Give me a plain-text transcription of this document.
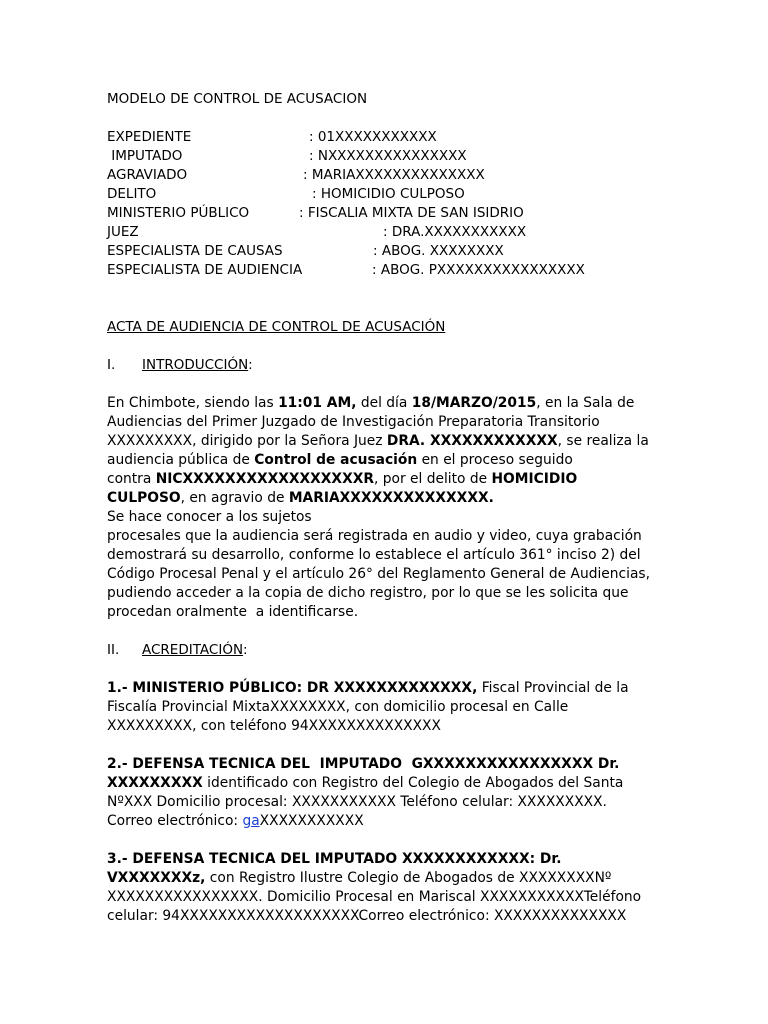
MODELO DE CONTROL DE ACUSACION
EXPEDIENTE	: 01XXXXXXXXXXX
IMPUTADO	: NXXXXXXXXXXXXXXX
AGRAVIADO	: MARIAXXXXXXXXXXXXXX
DELITO	: HOMICIDIO CULPOSO
MINISTERIO PÚBLICO	: FISCALIA MIXTA DE SAN ISIDRIO
JUEZ	: DRA.XXXXXXXXXXX
ESPECIALISTA DE CAUSAS	: ABOG. XXXXXXXX
ESPECIALISTA DE AUDIENCIA	: ABOG. PXXXXXXXXXXXXXXXX
ACTA DE AUDIENCIA DE CONTROL DE ACUSACIÓN
I. INTRODUCCIÓN:
En Chimbote, siendo las 11:01 AM, del día 18/MARZO/2015, en la Sala de
Audiencias del Primer Juzgado de Investigación Preparatoria Transitorio
XXXXXXXXX, dirigido por la Señora Juez DRA. XXXXXXXXXXXX, se realiza la
audiencia pública de Control de acusación en el proceso seguido
contra NICXXXXXXXXXXXXXXXXXR, por el delito de HOMICIDIO
CULPOSO, en agravio de MARIAXXXXXXXXXXXXXX.
Se hace conocer a los sujetos
procesales que la audiencia será registrada en audio y video, cuya grabación
demostrará su desarrollo, conforme lo establece el artículo 361° inciso 2) del
Código Procesal Penal y el artículo 26° del Reglamento General de Audiencias,
pudiendo acceder a la copia de dicho registro, por lo que se les solicita que
procedan oralmente  a identificarse.
II. ACREDITACIÓN:
1.- MINISTERIO PÚBLICO: DR XXXXXXXXXXXXX, Fiscal Provincial de la
Fiscalía Provincial MixtaXXXXXXXX, con domicilio procesal en Calle
XXXXXXXXX, con teléfono 94XXXXXXXXXXXXXX
2.- DEFENSA TECNICA DEL  IMPUTADO  GXXXXXXXXXXXXXXXX Dr.
XXXXXXXXX identificado con Registro del Colegio de Abogados del Santa
NºXXX Domicilio procesal: XXXXXXXXXXX Teléfono celular: XXXXXXXXX.
Correo electrónico: gaXXXXXXXXXXX
3.- DEFENSA TECNICA DEL IMPUTADO XXXXXXXXXXXX: Dr.
VXXXXXXXz, con Registro Ilustre Colegio de Abogados de XXXXXXXXNº
XXXXXXXXXXXXXXXX. Domicilio Procesal en Mariscal XXXXXXXXXXXTeléfono
celular: 94XXXXXXXXXXXXXXXXXXXCorreo electrónico: XXXXXXXXXXXXXX
